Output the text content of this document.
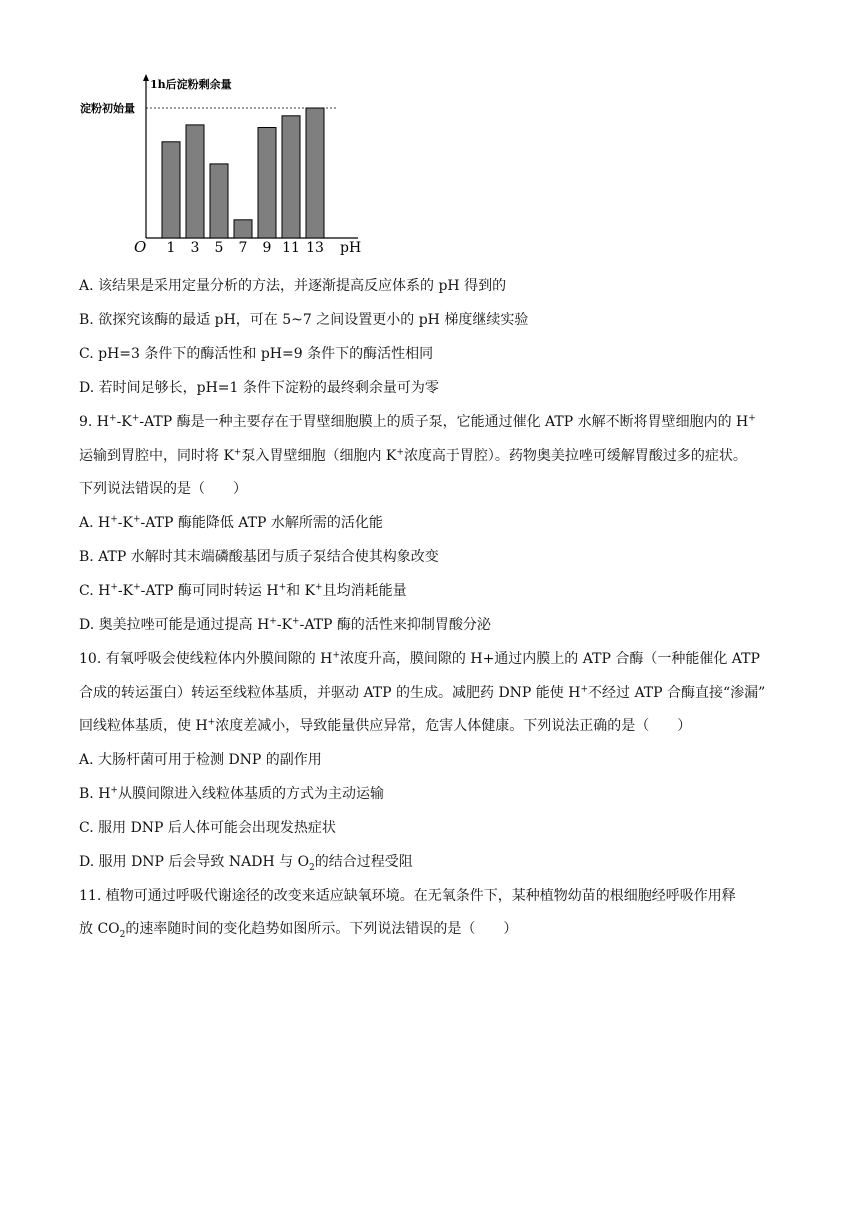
1h后淀粉剩余量
淀粉初始量
O	pH
1 3 5 7 9 11 13
A. 该结果是采用定量分析的方法，并逐渐提高反应体系的 pH 得到的
B. 欲探究该酶的最适 pH，可在 5~7 之间设置更小的 pH 梯度继续实验
C. pH=3 条件下的酶活性和 pH=9 条件下的酶活性相同
D. 若时间足够长，pH=1 条件下淀粉的最终剩余量可为零
9. H+-K+-ATP 酶是一种主要存在于胃壁细胞膜上的质子泵，它能通过催化 ATP 水解不断将胃壁细胞内的 H+
运输到胃腔中，同时将 K+泵入胃壁细胞（细胞内 K+浓度高于胃腔）。药物奥美拉唑可缓解胃酸过多的症状。
下列说法错误的是（　　）
A. H+-K+-ATP 酶能降低 ATP 水解所需的活化能
B. ATP 水解时其末端磷酸基团与质子泵结合使其构象改变
C. H+-K+-ATP 酶可同时转运 H+和 K+且均消耗能量
D. 奥美拉唑可能是通过提高 H+-K+-ATP 酶的活性来抑制胃酸分泌
10. 有氧呼吸会使线粒体内外膜间隙的 H+浓度升高，膜间隙的 H+通过内膜上的 ATP 合酶（一种能催化 ATP
合成的转运蛋白）转运至线粒体基质，并驱动 ATP 的生成。减肥药 DNP 能使 H+不经过 ATP 合酶直接“渗漏”
回线粒体基质，使 H+浓度差减小，导致能量供应异常，危害人体健康。下列说法正确的是（　　）
A. 大肠杆菌可用于检测 DNP 的副作用
B. H+从膜间隙进入线粒体基质的方式为主动运输
C. 服用 DNP 后人体可能会出现发热症状
D. 服用 DNP 后会导致 NADH 与 $O_2$的结合过程受阻
11. 植物可通过呼吸代谢途径的改变来适应缺氧环境。在无氧条件下，某种植物幼苗的根细胞经呼吸作用释
放 $CO_2$的速率随时间的变化趋势如图所示。下列说法错误的是（　　）
